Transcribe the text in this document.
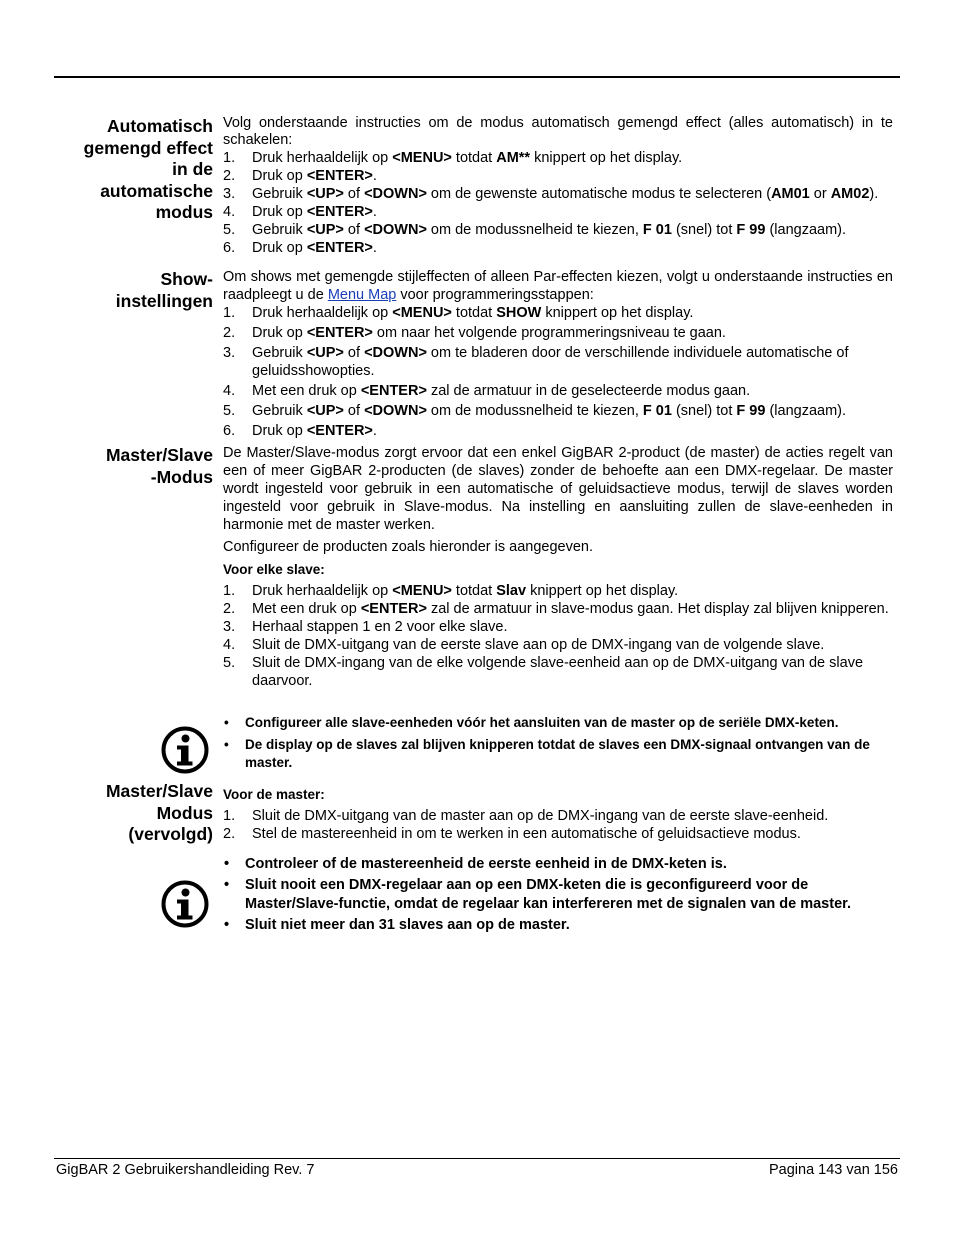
Automatisch
gemengd effect
in de
automatische
modus

Volg onderstaande instructies om de modus automatisch gemengd effect (alles automatisch) in te schakelen:

1. Druk herhaaldelijk op <MENU> totdat AM** knippert op het display.
2. Druk op <ENTER>.
3. Gebruik <UP> of <DOWN> om de gewenste automatische modus te selecteren (AM01 or AM02).
4. Druk op <ENTER>.
5. Gebruik <UP> of <DOWN> om de modussnelheid te kiezen, F 01 (snel) tot F 99 (langzaam).
6. Druk op <ENTER>.
Show-
instellingen

Om shows met gemengde stijleffecten of alleen Par-effecten kiezen, volgt u onderstaande instructies en raadpleegt u de Menu Map voor programmeringsstappen:

1. Druk herhaaldelijk op <MENU> totdat SHOW knippert op het display.
2. Druk op <ENTER> om naar het volgende programmeringsniveau te gaan.
3. Gebruik <UP> of <DOWN> om te bladeren door de verschillende individuele automatische of geluidsshowopties.
4. Met een druk op <ENTER> zal de armatuur in de geselecteerde modus gaan.
5. Gebruik <UP> of <DOWN> om de modussnelheid te kiezen, F 01 (snel) tot F 99 (langzaam).
6. Druk op <ENTER>.
Master/Slave
-Modus

De Master/Slave-modus zorgt ervoor dat een enkel GigBAR 2-product (de master) de acties regelt van een of meer GigBAR 2-producten (de slaves) zonder de behoefte aan een DMX-regelaar. De master wordt ingesteld voor gebruik in een automatische of geluidsactieve modus, terwijl de slaves worden ingesteld voor gebruik in Slave-modus. Na instelling en aansluiting zullen de slave-eenheden in harmonie met de master werken.

Configureer de producten zoals hieronder is aangegeven.

Voor elke slave:
1. Druk herhaaldelijk op <MENU> totdat Slav knippert op het display.
2. Met een druk op <ENTER> zal de armatuur in slave-modus gaan. Het display zal blijven knipperen.
3. Herhaal stappen 1 en 2 voor elke slave.
4. Sluit de DMX-uitgang van de eerste slave aan op de DMX-ingang van de volgende slave.
5. Sluit de DMX-ingang van de elke volgende slave-eenheid aan op de DMX-uitgang van de slave daarvoor.
• Configureer alle slave-eenheden vóór het aansluiten van de master op de seriële DMX-keten.
• De display op de slaves zal blijven knipperen totdat de slaves een DMX-signaal ontvangen van de master.
Master/Slave
Modus
(vervolgd)
Voor de master:
1. Sluit de DMX-uitgang van de master aan op de DMX-ingang van de eerste slave-eenheid.
2. Stel de mastereenheid in om te werken in een automatische of geluidsactieve modus.
• Controleer of de mastereenheid de eerste eenheid in de DMX-keten is.
• Sluit nooit een DMX-regelaar aan op een DMX-keten die is geconfigureerd voor de Master/Slave-functie, omdat de regelaar kan interfereren met de signalen van de master.
• Sluit niet meer dan 31 slaves aan op de master.
GigBAR 2 Gebruikershandleiding Rev. 7	Pagina 143 van 156
